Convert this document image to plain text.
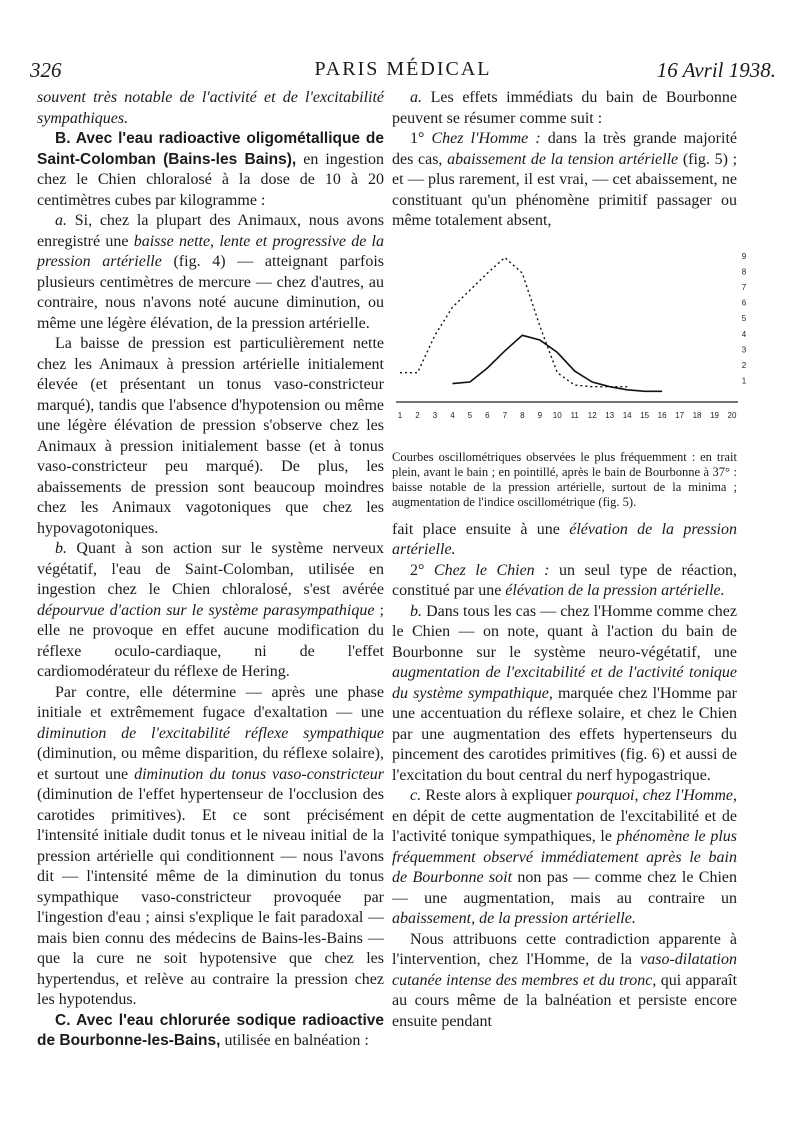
326	PARIS MÉDICAL	16 Avril 1938.

souvent très notable de l'activité et de l'excitabilité sympathiques.

B. Avec l'eau radioactive oligométallique de Saint-Colomban (Bains-les Bains), en ingestion chez le Chien chloralosé à la dose de 10 à 20 centimètres cubes par kilogramme :

a. Si, chez la plupart des Animaux, nous avons enregistré une baisse nette, lente et progressive de la pression artérielle (fig. 4) — atteignant parfois plusieurs centimètres de mercure — chez d'autres, au contraire, nous n'avons noté aucune diminution, ou même une légère élévation, de la pression artérielle.

La baisse de pression est particulièrement nette chez les Animaux à pression artérielle initialement élevée (et présentant un tonus vaso-constricteur marqué), tandis que l'absence d'hypotension ou même une légère élévation de pression s'observe chez les Animaux à pression initialement basse (et à tonus vaso-constricteur peu marqué). De plus, les abaissements de pression sont beaucoup moindres chez les Animaux vagotoniques que chez les hypovagotoniques.

b. Quant à son action sur le système nerveux végétatif, l'eau de Saint-Colomban, utilisée en ingestion chez le Chien chloralosé, s'est avérée dépourvue d'action sur le système parasympathique ; elle ne provoque en effet aucune modification du réflexe oculo-cardiaque, ni de l'effet cardiomodérateur du réflexe de Hering.

Par contre, elle détermine — après une phase initiale et extrêmement fugace d'exaltation — une diminution de l'excitabilité réflexe sympathique (diminution, ou même disparition, du réflexe solaire), et surtout une diminution du tonus vaso-constricteur (diminution de l'effet hypertenseur de l'occlusion des carotides primitives). Et ce sont précisément l'intensité initiale dudit tonus et le niveau initial de la pression artérielle qui conditionnent — nous l'avons dit — l'intensité même de la diminution du tonus sympathique vaso-constricteur provoquée par l'ingestion d'eau ; ainsi s'explique le fait paradoxal — mais bien connu des médecins de Bains-les-Bains — que la cure ne soit hypotensive que chez les hypertendus, et relève au contraire la pression chez les hypotendus.

C. Avec l'eau chlorurée sodique radioactive de Bourbonne-les-Bains, utilisée en balnéation :

a. Les effets immédiats du bain de Bourbonne peuvent se résumer comme suit :

1° Chez l'Homme : dans la très grande majorité des cas, abaissement de la tension artérielle (fig. 5) ; et — plus rarement, il est vrai, — cet abaissement, ne constituant qu'un phénomène primitif passager ou même totalement absent,

1 2 3 4 5 6 7 8 9 10 11 12 13 14 15 16 17 18 19 20
1
2
3
4
5
6
7
8
9
Courbes oscillométriques observées le plus fréquemment : en trait plein, avant le bain ; en pointillé, après le bain de Bourbonne à 37° : baisse notable de la pression artérielle, surtout de la minima ; augmentation de l'indice oscillométrique (fig. 5).

fait place ensuite à une élévation de la pression artérielle.

2° Chez le Chien : un seul type de réaction, constitué par une élévation de la pression artérielle.

b. Dans tous les cas — chez l'Homme comme chez le Chien — on note, quant à l'action du bain de Bourbonne sur le système neuro-végétatif, une augmentation de l'excitabilité et de l'activité tonique du système sympathique, marquée chez l'Homme par une accentuation du réflexe solaire, et chez le Chien par une augmentation des effets hypertenseurs du pincement des carotides primitives (fig. 6) et aussi de l'excitation du bout central du nerf hypogastrique.

c. Reste alors à expliquer pourquoi, chez l'Homme, en dépit de cette augmentation de l'excitabilité et de l'activité tonique sympathiques, le phénomène le plus fréquemment observé immédiatement après le bain de Bourbonne soit non pas — comme chez le Chien — une augmentation, mais au contraire un abaissement, de la pression artérielle.

Nous attribuons cette contradiction apparente à l'intervention, chez l'Homme, de la vaso-dilatation cutanée intense des membres et du tronc, qui apparaît au cours même de la balnéation et persiste encore ensuite pendant
